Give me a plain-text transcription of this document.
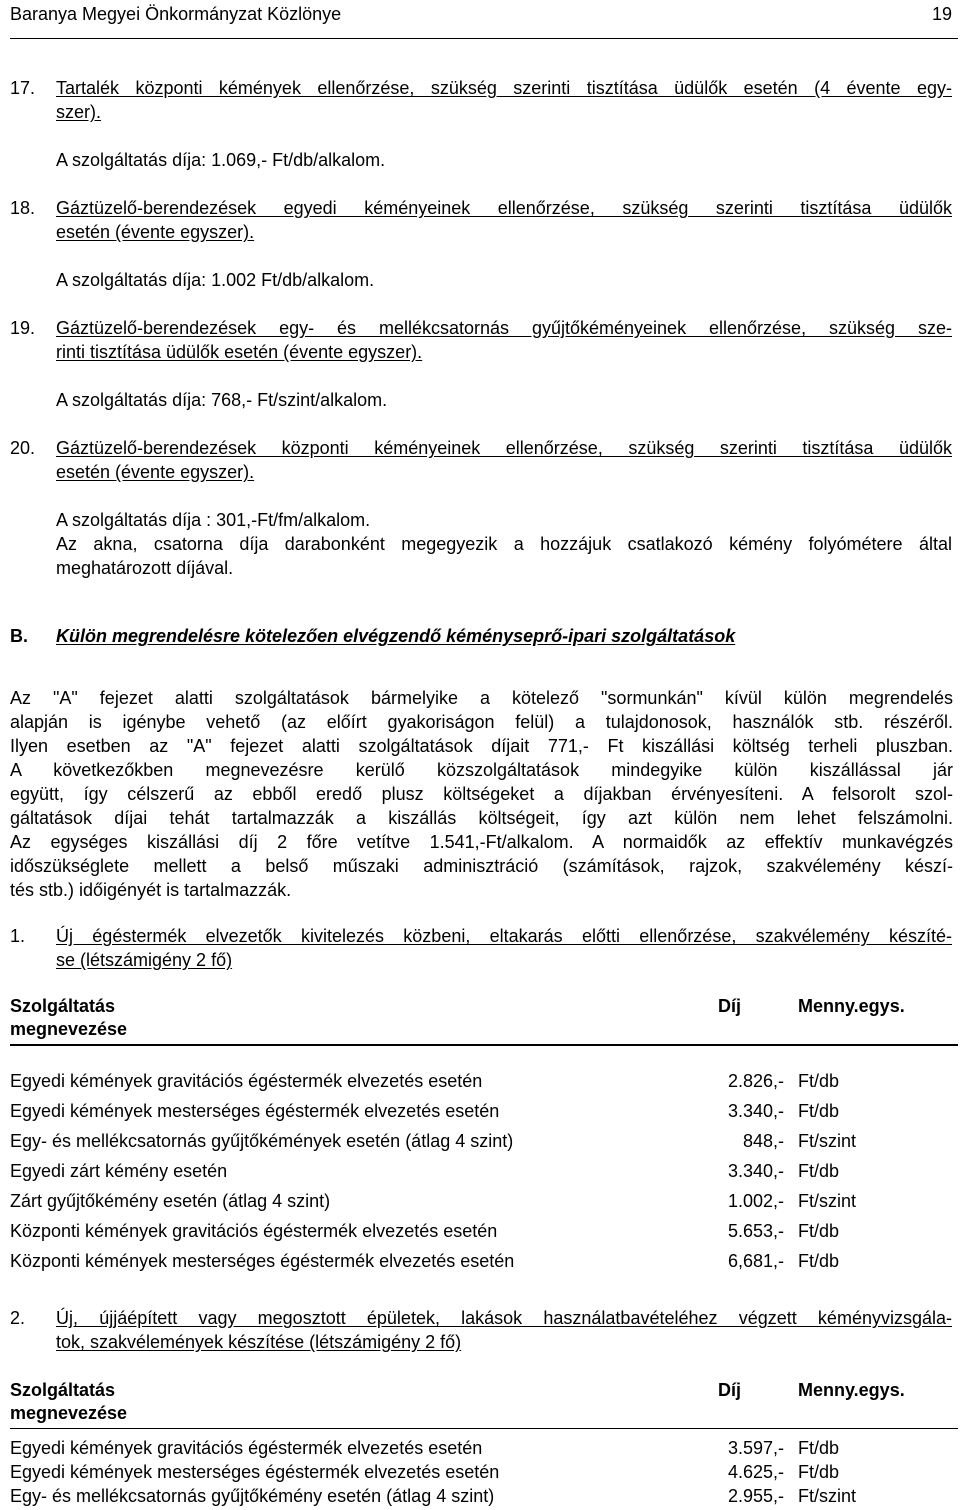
Baranya Megyei Önkormányzat Közlönye	19
17. Tartalék központi kémények ellenőrzése, szükség szerinti tisztítása üdülők esetén (4 évente egy-
szer).
A szolgáltatás díja: 1.069,- Ft/db/alkalom.
18. Gáztüzelő-berendezések egyedi kéményeinek ellenőrzése, szükség szerinti tisztítása üdülők
esetén (évente egyszer).
A szolgáltatás díja: 1.002 Ft/db/alkalom.
19. Gáztüzelő-berendezések egy- és mellékcsatornás gyűjtőkéményeinek ellenőrzése, szükség sze-
rinti tisztítása üdülők esetén (évente egyszer).
A szolgáltatás díja: 768,- Ft/szint/alkalom.
20. Gáztüzelő-berendezések központi kéményeinek ellenőrzése, szükség szerinti tisztítása üdülők
esetén (évente egyszer).
A szolgáltatás díja : 301,-Ft/fm/alkalom.
Az akna, csatorna díja darabonként megegyezik a hozzájuk csatlakozó kémény folyómétere által
meghatározott díjával.
B. Külön megrendelésre kötelezően elvégzendő kéményseprő-ipari szolgáltatások
Az "A" fejezet alatti szolgáltatások bármelyike a kötelező "sormunkán" kívül külön megrendelés
alapján is igénybe vehető (az előírt gyakoriságon felül) a tulajdonosok, használók stb. részéről.
Ilyen esetben az "A" fejezet alatti szolgáltatások díjait 771,- Ft kiszállási költség terheli pluszban.
A következőkben megnevezésre kerülő közszolgáltatások mindegyike külön kiszállással jár
együtt, így célszerű az ebből eredő plusz költségeket a díjakban érvényesíteni. A felsorolt szol-
gáltatások díjai tehát tartalmazzák a kiszállás költségeit, így azt külön nem lehet felszámolni.
Az egységes kiszállási díj 2 főre vetítve 1.541,-Ft/alkalom. A normaidők az effektív munkavégzés
időszükséglete mellett a belső műszaki adminisztráció (számítások, rajzok, szakvélemény készí-
tés stb.) időigényét is tartalmazzák.
1. Új égéstermék elvezetők kivitelezés közbeni, eltakarás előtti ellenőrzése, szakvélemény készíté-
se (létszámigény 2 fő)
Szolgáltatás
megnevezése
Díj	Menny.egys.
Egyedi kémények gravitációs égéstermék elvezetés esetén	2.826,- Ft/db
Egyedi kémények mesterséges égéstermék elvezetés esetén	3.340,- Ft/db
Egy- és mellékcsatornás gyűjtőkémények esetén (átlag 4 szint)	848,- Ft/szint
Egyedi zárt kémény esetén	3.340,- Ft/db
Zárt gyűjtőkémény esetén (átlag 4 szint)	1.002,- Ft/szint
Központi kémények gravitációs égéstermék elvezetés esetén	5.653,- Ft/db
Központi kémények mesterséges égéstermék elvezetés esetén	6,681,- Ft/db
2. Új, újjáépített vagy megosztott épületek, lakások használatbavételéhez végzett kéményvizsgála-
tok, szakvélemények készítése (létszámigény 2 fő)
Szolgáltatás
megnevezése
Díj	Menny.egys.
Egyedi kémények gravitációs égéstermék elvezetés esetén	3.597,- Ft/db
Egyedi kémények mesterséges égéstermék elvezetés esetén	4.625,- Ft/db
Egy- és mellékcsatornás gyűjtőkémény esetén (átlag 4 szint)	2.955,- Ft/szint
